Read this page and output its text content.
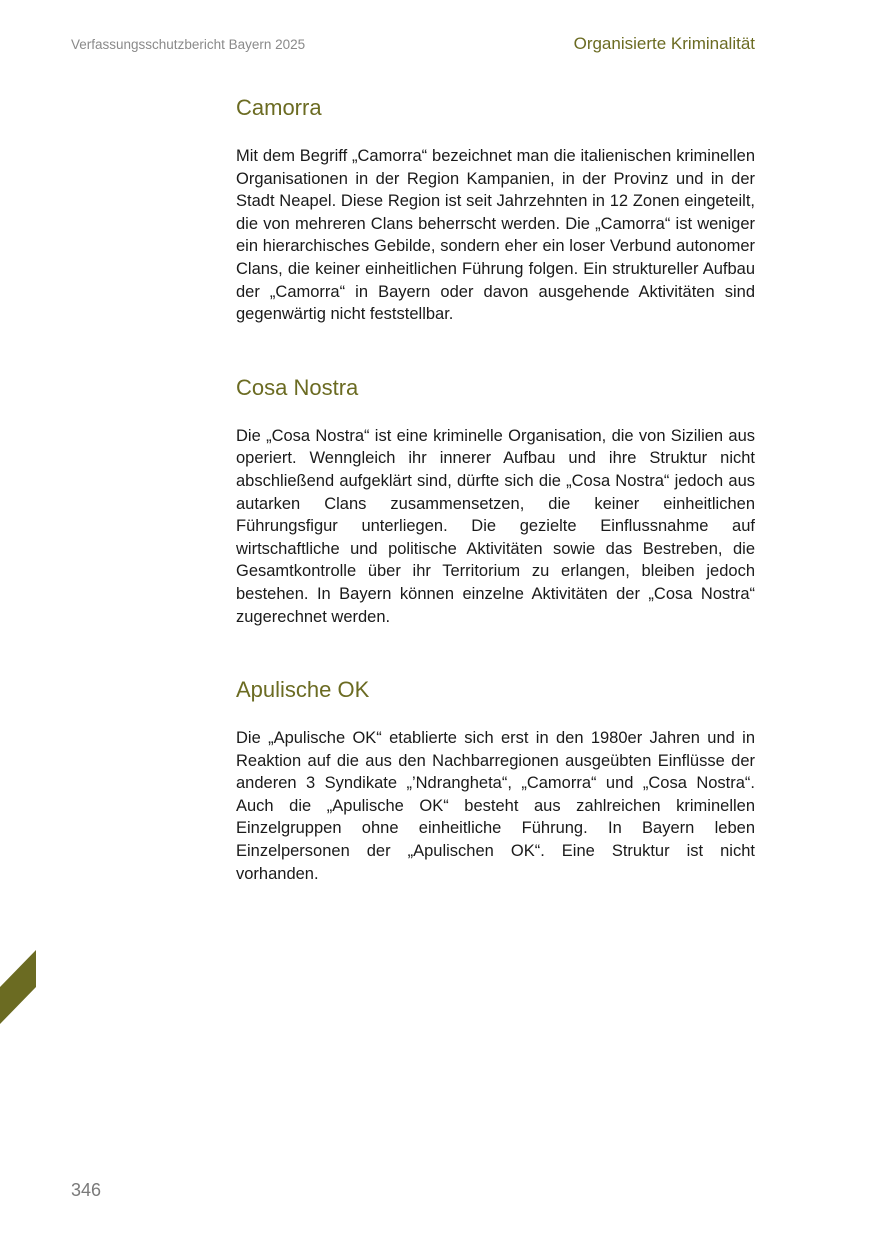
Verfassungsschutzbericht Bayern 2025	Organisierte Kriminalität
Camorra

Mit dem Begriff „Camorra“ bezeichnet man die italienischen kriminellen Organisationen in der Region Kampanien, in der Provinz und in der Stadt Neapel. Diese Region ist seit Jahrzehnten in 12 Zonen eingeteilt, die von mehreren Clans beherrscht werden. Die „Camorra“ ist weniger ein hierarchisches Gebilde, sondern eher ein loser Verbund autonomer Clans, die keiner einheitlichen Führung folgen. Ein struktureller Aufbau der „Camorra“ in Bayern oder davon ausgehende Aktivitäten sind gegenwärtig nicht feststellbar.

Cosa Nostra

Die „Cosa Nostra“ ist eine kriminelle Organisation, die von Sizilien aus operiert. Wenngleich ihr innerer Aufbau und ihre Struktur nicht abschließend aufgeklärt sind, dürfte sich die „Cosa Nostra“ jedoch aus autarken Clans zusammensetzen, die keiner einheitlichen Führungsfigur unterliegen. Die gezielte Einflussnahme auf wirtschaftliche und politische Aktivitäten sowie das Bestreben, die Gesamtkontrolle über ihr Territorium zu erlangen, bleiben jedoch bestehen. In Bayern können einzelne Aktivitäten der „Cosa Nostra“ zugerechnet werden.

Apulische OK

Die „Apulische OK“ etablierte sich erst in den 1980er Jahren und in Reaktion auf die aus den Nachbarregionen ausgeübten Einflüsse der anderen 3 Syndikate „’Ndrangheta“, „Camorra“ und „Cosa Nostra“. Auch die „Apulische OK“ besteht aus zahlreichen kriminellen Einzelgruppen ohne einheitliche Führung. In Bayern leben Einzelpersonen der „Apulischen OK“. Eine Struktur ist nicht vorhanden.

346
